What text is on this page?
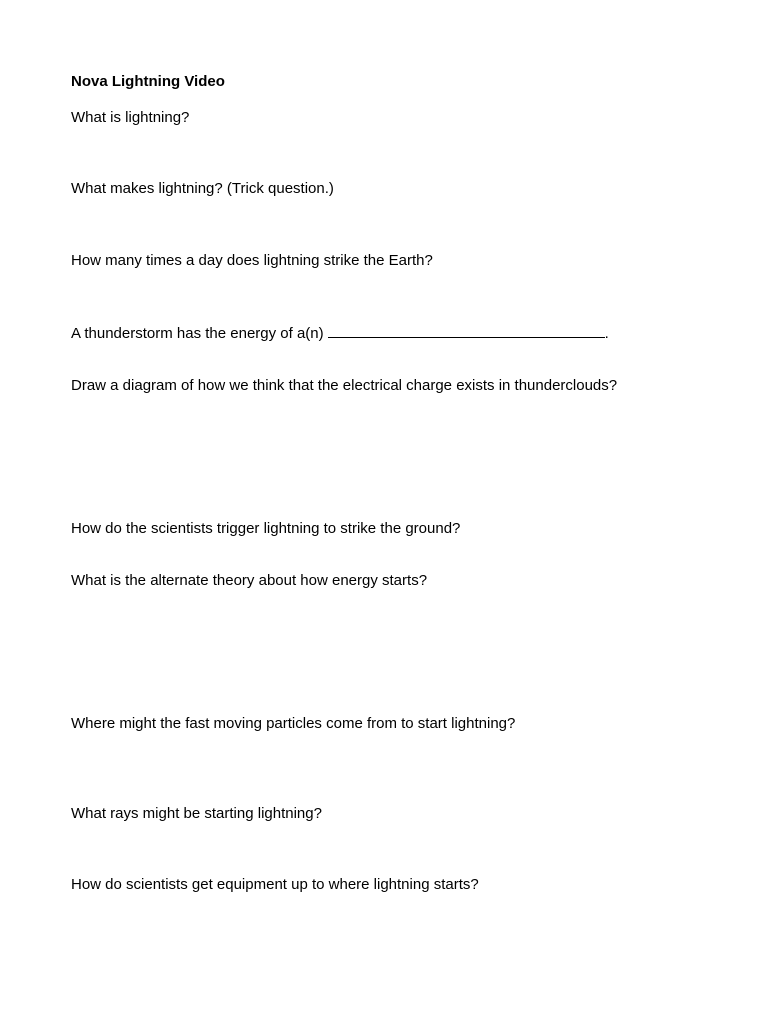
Nova Lightning Video

What is lightning?

What makes lightning? (Trick question.)

How many times a day does lightning strike the Earth?

A thunderstorm has the energy of a(n)	.

Draw a diagram of how we think that the electrical charge exists in thunderclouds?

How do the scientists trigger lightning to strike the ground?

What is the alternate theory about how energy starts?

Where might the fast moving particles come from to start lightning?

What rays might be starting lightning?

How do scientists get equipment up to where lightning starts?
